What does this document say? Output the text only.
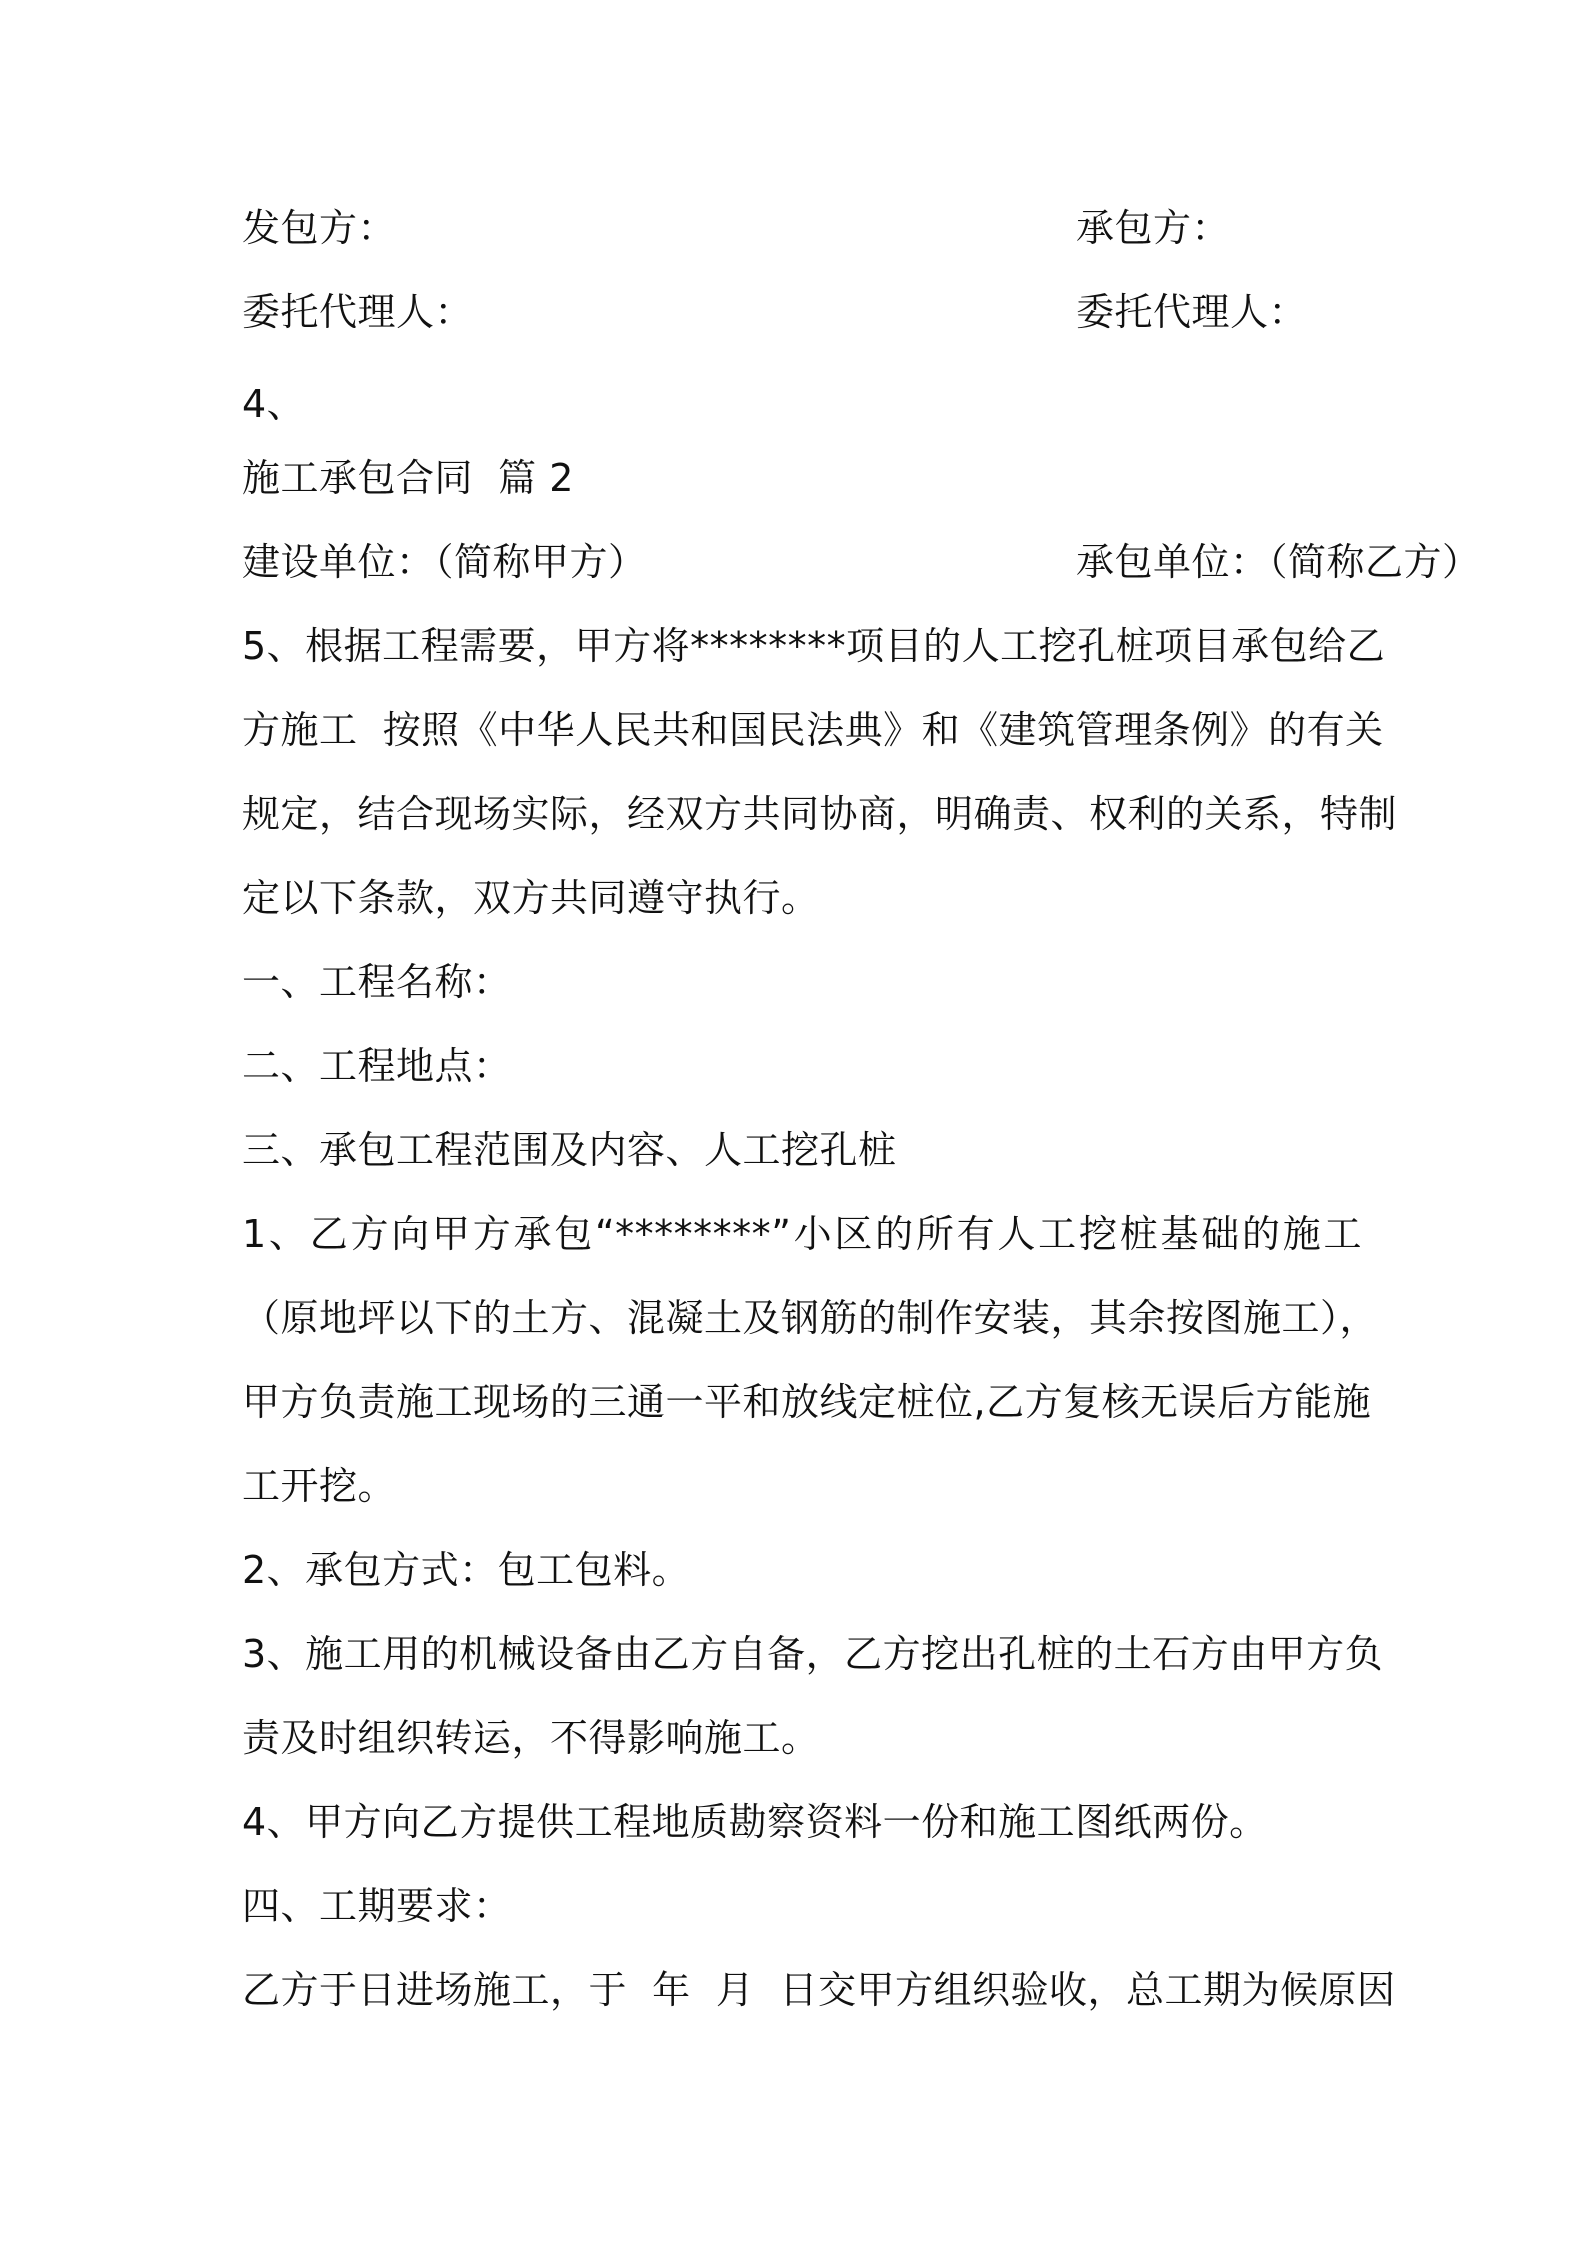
发包方：	承包方：
委托代理人：	委托代理人：
4、
施工承包合同  篇 2
建设单位：（简称甲方）	承包单位：（简称乙方）
5、根据工程需要，甲方将********项目的人工挖孔桩项目承包给乙
方施工  按照《中华人民共和国民法典》和《建筑管理条例》的有关
规定，结合现场实际，经双方共同协商，明确责、权利的关系，特制
定以下条款，双方共同遵守执行。
一、工程名称：
二、工程地点：
三、承包工程范围及内容、人工挖孔桩
1、乙方向甲方承包“********”小区的所有人工挖桩基础的施工
（原地坪以下的土方、混凝土及钢筋的制作安装，其余按图施工），
甲方负责施工现场的三通一平和放线定桩位,乙方复核无误后方能施
工开挖。
2、承包方式：包工包料。
3、施工用的机械设备由乙方自备，乙方挖出孔桩的土石方由甲方负
责及时组织转运，不得影响施工。
4、甲方向乙方提供工程地质勘察资料一份和施工图纸两份。
四、工期要求：
乙方于日进场施工，于  年  月  日交甲方组织验收，总工期为候原因
